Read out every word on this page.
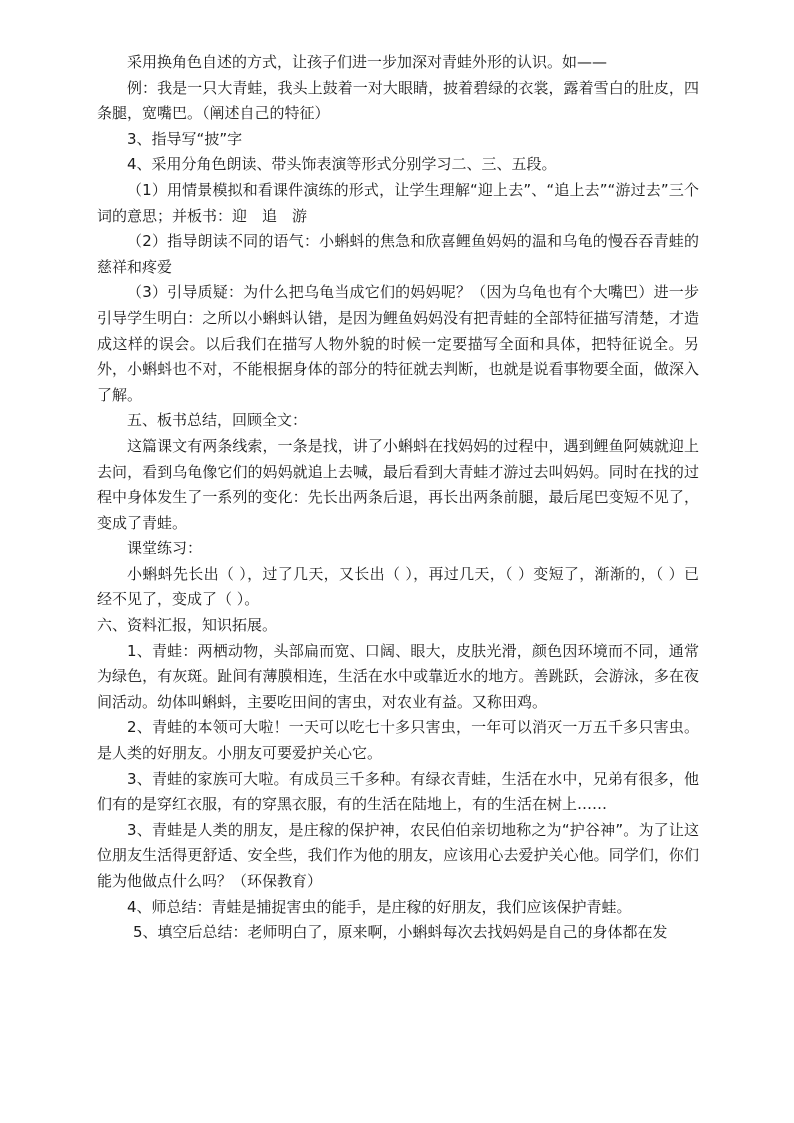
采用换角色自述的方式，让孩子们进一步加深对青蛙外形的认识。如——

例：我是一只大青蛙，我头上鼓着一对大眼睛，披着碧绿的衣裳，露着雪白的肚皮，四条腿，宽嘴巴。（阐述自己的特征）

3、指导写“披”字

4、采用分角色朗读、带头饰表演等形式分别学习二、三、五段。

（1）用情景模拟和看课件演练的形式，让学生理解“迎上去”、“追上去”“游过去”三个词的意思；并板书：迎　追　游

（2）指导朗读不同的语气：小蝌蚪的焦急和欣喜鲤鱼妈妈的温和乌龟的慢吞吞青蛙的慈祥和疼爱

（3）引导质疑：为什么把乌龟当成它们的妈妈呢？（因为乌龟也有个大嘴巴）进一步引导学生明白：之所以小蝌蚪认错，是因为鲤鱼妈妈没有把青蛙的全部特征描写清楚，才造成这样的误会。以后我们在描写人物外貌的时候一定要描写全面和具体，把特征说全。另外，小蝌蚪也不对，不能根据身体的部分的特征就去判断，也就是说看事物要全面，做深入了解。

五、板书总结，回顾全文：

这篇课文有两条线索，一条是找，讲了小蝌蚪在找妈妈的过程中，遇到鲤鱼阿姨就迎上去问，看到乌龟像它们的妈妈就追上去喊，最后看到大青蛙才游过去叫妈妈。同时在找的过程中身体发生了一系列的变化：先长出两条后退，再长出两条前腿，最后尾巴变短不见了，变成了青蛙。

课堂练习：

小蝌蚪先长出（ ），过了几天，又长出（ ），再过几天，（ ）变短了，渐渐的，（ ）已经不见了，变成了（ ）。

六、资料汇报，知识拓展。

1、青蛙：两栖动物，头部扁而宽、口阔、眼大，皮肤光滑，颜色因环境而不同，通常为绿色，有灰斑。趾间有薄膜相连，生活在水中或靠近水的地方。善跳跃，会游泳，多在夜间活动。幼体叫蝌蚪，主要吃田间的害虫，对农业有益。又称田鸡。

2、青蛙的本领可大啦！一天可以吃七十多只害虫，一年可以消灭一万五千多只害虫。是人类的好朋友。小朋友可要爱护关心它。

3、青蛙的家族可大啦。有成员三千多种。有绿衣青蛙，生活在水中，兄弟有很多，他们有的是穿红衣服，有的穿黑衣服，有的生活在陆地上，有的生活在树上……

3、青蛙是人类的朋友，是庄稼的保护神，农民伯伯亲切地称之为“护谷神”。为了让这位朋友生活得更舒适、安全些，我们作为他的朋友，应该用心去爱护关心他。同学们，你们能为他做点什么吗？（环保教育）

4、师总结：青蛙是捕捉害虫的能手，是庄稼的好朋友，我们应该保护青蛙。

5、填空后总结：老师明白了，原来啊，小蝌蚪每次去找妈妈是自己的身体都在发
